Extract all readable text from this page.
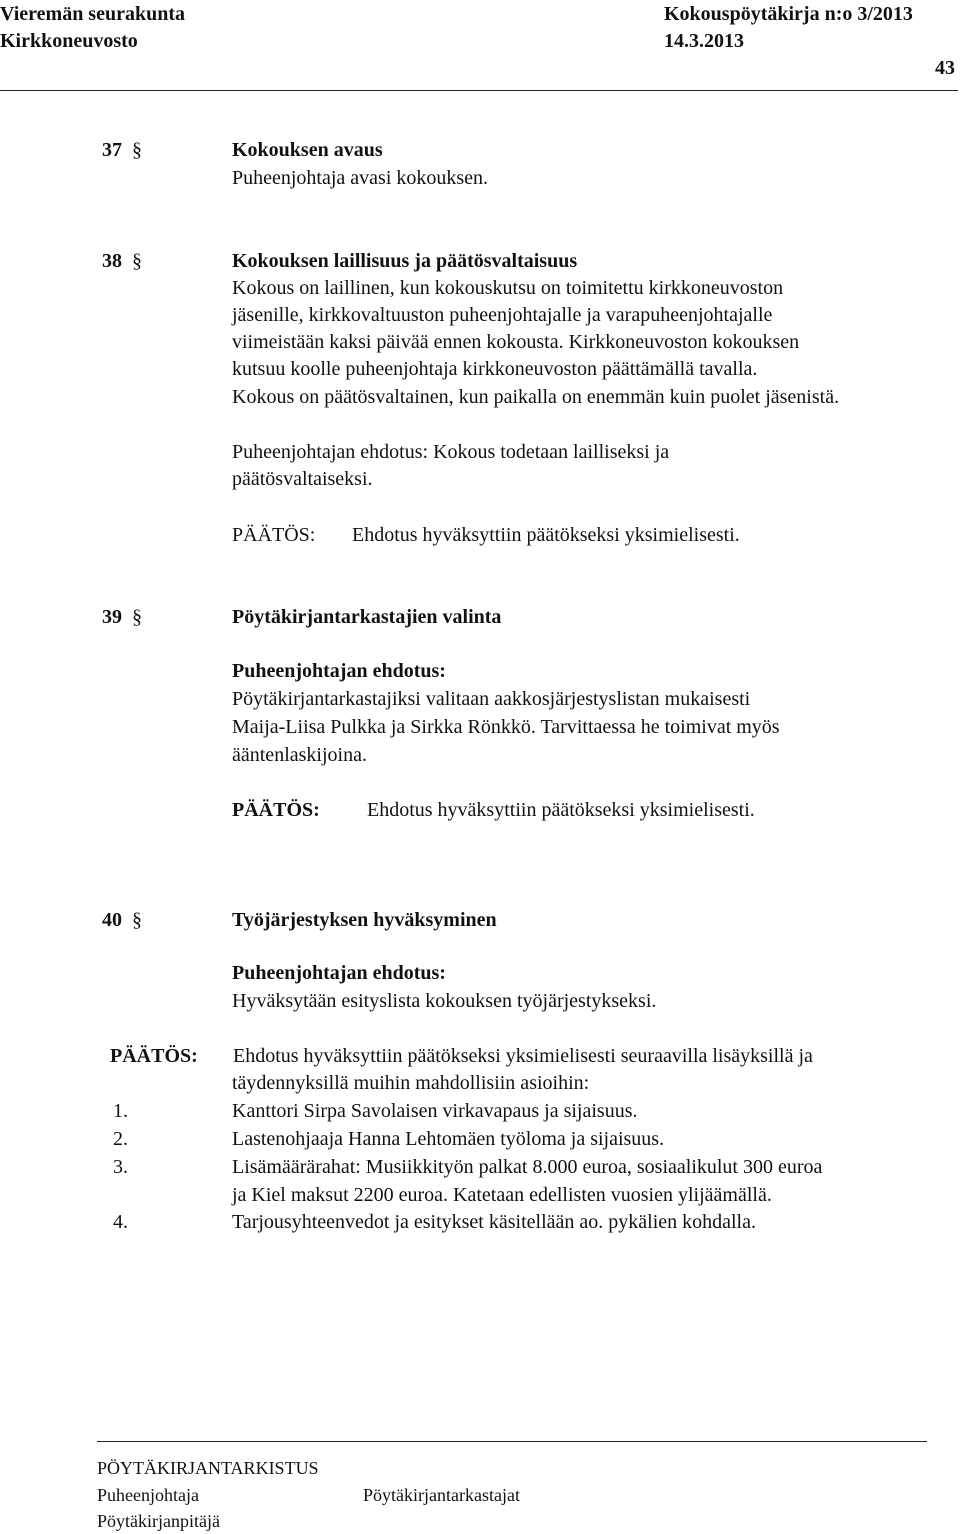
Vieremän seurakunta	Kokouspöytäkirja n:o 3/2013
Kirkkoneuvosto	14.3.2013
43
37 §	Kokouksen avaus
Puheenjohtaja avasi kokouksen.
38 §	Kokouksen laillisuus ja päätösvaltaisuus
Kokous on laillinen, kun kokouskutsu on toimitettu kirkkoneuvoston
jäsenille, kirkkovaltuuston puheenjohtajalle ja varapuheenjohtajalle
viimeistään kaksi päivää ennen kokousta. Kirkkoneuvoston kokouksen
kutsuu koolle puheenjohtaja kirkkoneuvoston päättämällä tavalla.
Kokous on päätösvaltainen, kun paikalla on enemmän kuin puolet jäsenistä.
Puheenjohtajan ehdotus: Kokous todetaan lailliseksi ja
päätösvaltaiseksi.
PÄÄTÖS: Ehdotus hyväksyttiin päätökseksi yksimielisesti.
39 §	Pöytäkirjantarkastajien valinta
Puheenjohtajan ehdotus:
Pöytäkirjantarkastajiksi valitaan aakkosjärjestyslistan mukaisesti
Maija-Liisa Pulkka ja Sirkka Rönkkö. Tarvittaessa he toimivat myös
ääntenlaskijoina.
PÄÄTÖS: Ehdotus hyväksyttiin päätökseksi yksimielisesti.
40 §	Työjärjestyksen hyväksyminen
Puheenjohtajan ehdotus:
Hyväksytään esityslista kokouksen työjärjestykseksi.
PÄÄTÖS: Ehdotus hyväksyttiin päätökseksi yksimielisesti seuraavilla lisäyksillä ja
täydennyksillä muihin mahdollisiin asioihin:
1.	Kanttori Sirpa Savolaisen virkavapaus ja sijaisuus.
2.	Lastenohjaaja Hanna Lehtomäen työloma ja sijaisuus.
3.	Lisämäärärahat: Musiikkityön palkat 8.000 euroa, sosiaalikulut 300 euroa
ja Kiel maksut 2200 euroa. Katetaan edellisten vuosien ylijäämällä.
4.	Tarjousyhteenvedot ja esitykset käsitellään ao. pykälien kohdalla.
PÖYTÄKIRJANTARKISTUS
Puheenjohtaja	Pöytäkirjantarkastajat
Pöytäkirjanpitäjä
